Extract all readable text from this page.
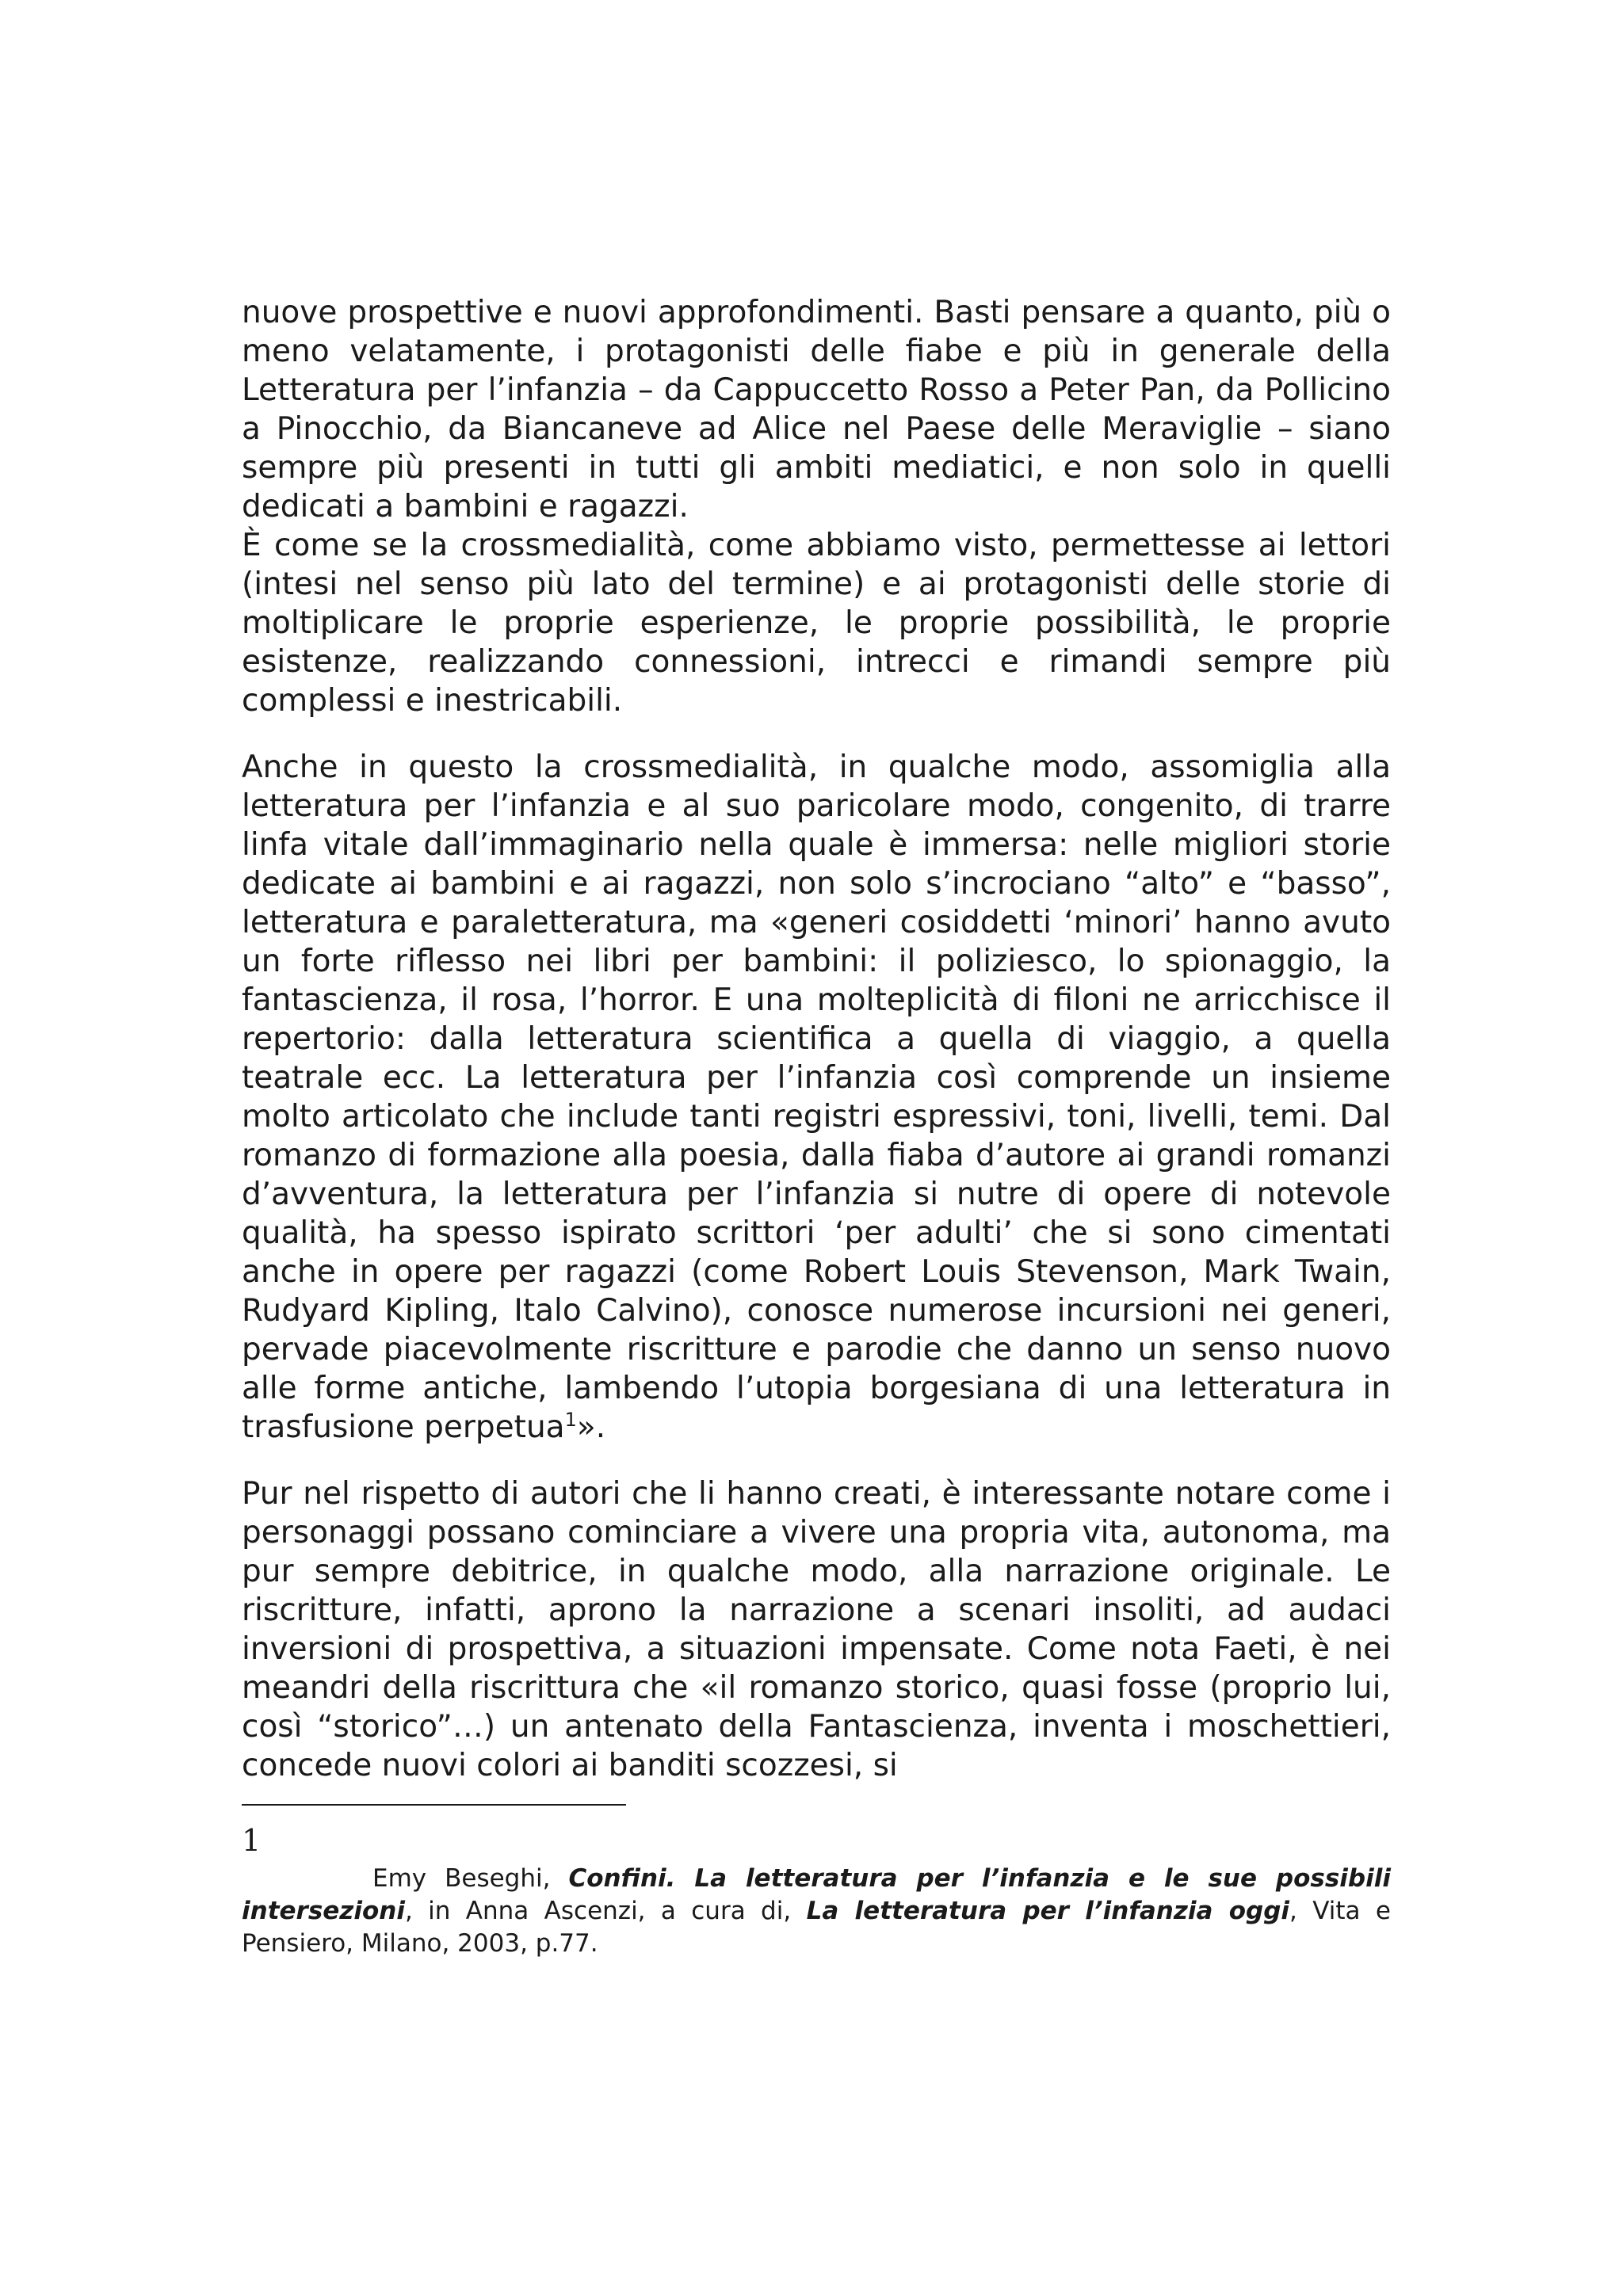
nuove prospettive e nuovi approfondimenti. Basti pensare a quanto, più o meno velatamente, i protagonisti delle fiabe e più in generale della Letteratura per l’infanzia – da Cappuccetto Rosso a Peter Pan, da Pollicino a Pinocchio, da Biancaneve ad Alice nel Paese delle Meraviglie – siano sempre più presenti in tutti gli ambiti mediatici, e non solo in quelli dedicati a bambini e ragazzi.
È come se la crossmedialità, come abbiamo visto, permettesse ai lettori (intesi nel senso più lato del termine) e ai protagonisti delle storie di moltiplicare le proprie esperienze, le proprie possibilità, le proprie esistenze, realizzando connessioni, intrecci e rimandi sempre più complessi e inestricabili.

Anche in questo la crossmedialità, in qualche modo, assomiglia alla letteratura per l’infanzia e al suo paricolare modo, congenito, di trarre linfa vitale dall’immaginario nella quale è immersa: nelle migliori storie dedicate ai bambini e ai ragazzi, non solo s’incrociano “alto” e “basso”, letteratura e paraletteratura, ma «generi cosiddetti ‘minori’ hanno avuto un forte riflesso nei libri per bambini: il poliziesco, lo spionaggio, la fantascienza, il rosa, l’horror. E una molteplicità di filoni ne arricchisce il repertorio: dalla letteratura scientifica a quella di viaggio, a quella teatrale ecc. La letteratura per l’infanzia così comprende un insieme molto articolato che include tanti registri espressivi, toni, livelli, temi. Dal romanzo di formazione alla poesia, dalla fiaba d’autore ai grandi romanzi d’avventura, la letteratura per l’infanzia si nutre di opere di notevole qualità, ha spesso ispirato scrittori ‘per adulti’ che si sono cimentati anche in opere per ragazzi (come Robert Louis Stevenson, Mark Twain, Rudyard Kipling, Italo Calvino), conosce numerose incursioni nei generi, pervade piacevolmente riscritture e parodie che danno un senso nuovo alle forme antiche, lambendo l’utopia borgesiana di una letteratura in trasfusione perpetua$^1$».

Pur nel rispetto di autori che li hanno creati, è interessante notare come i personaggi possano cominciare a vivere una propria vita, autonoma, ma pur sempre debitrice, in qualche modo, alla narrazione originale. Le riscritture, infatti, aprono la narrazione a scenari insoliti, ad audaci inversioni di prospettiva, a situazioni impensate. Come nota Faeti, è nei meandri della riscrittura che «il romanzo storico, quasi fosse (proprio lui, così “storico”…) un antenato della Fantascienza, inventa i moschettieri, concede nuovi colori ai banditi scozzesi, si

1

Emy Beseghi, Confini. La letteratura per l’infanzia e le sue possibili intersezioni, in Anna Ascenzi, a cura di, La letteratura per l’infanzia oggi, Vita e Pensiero, Milano, 2003, p.77.
